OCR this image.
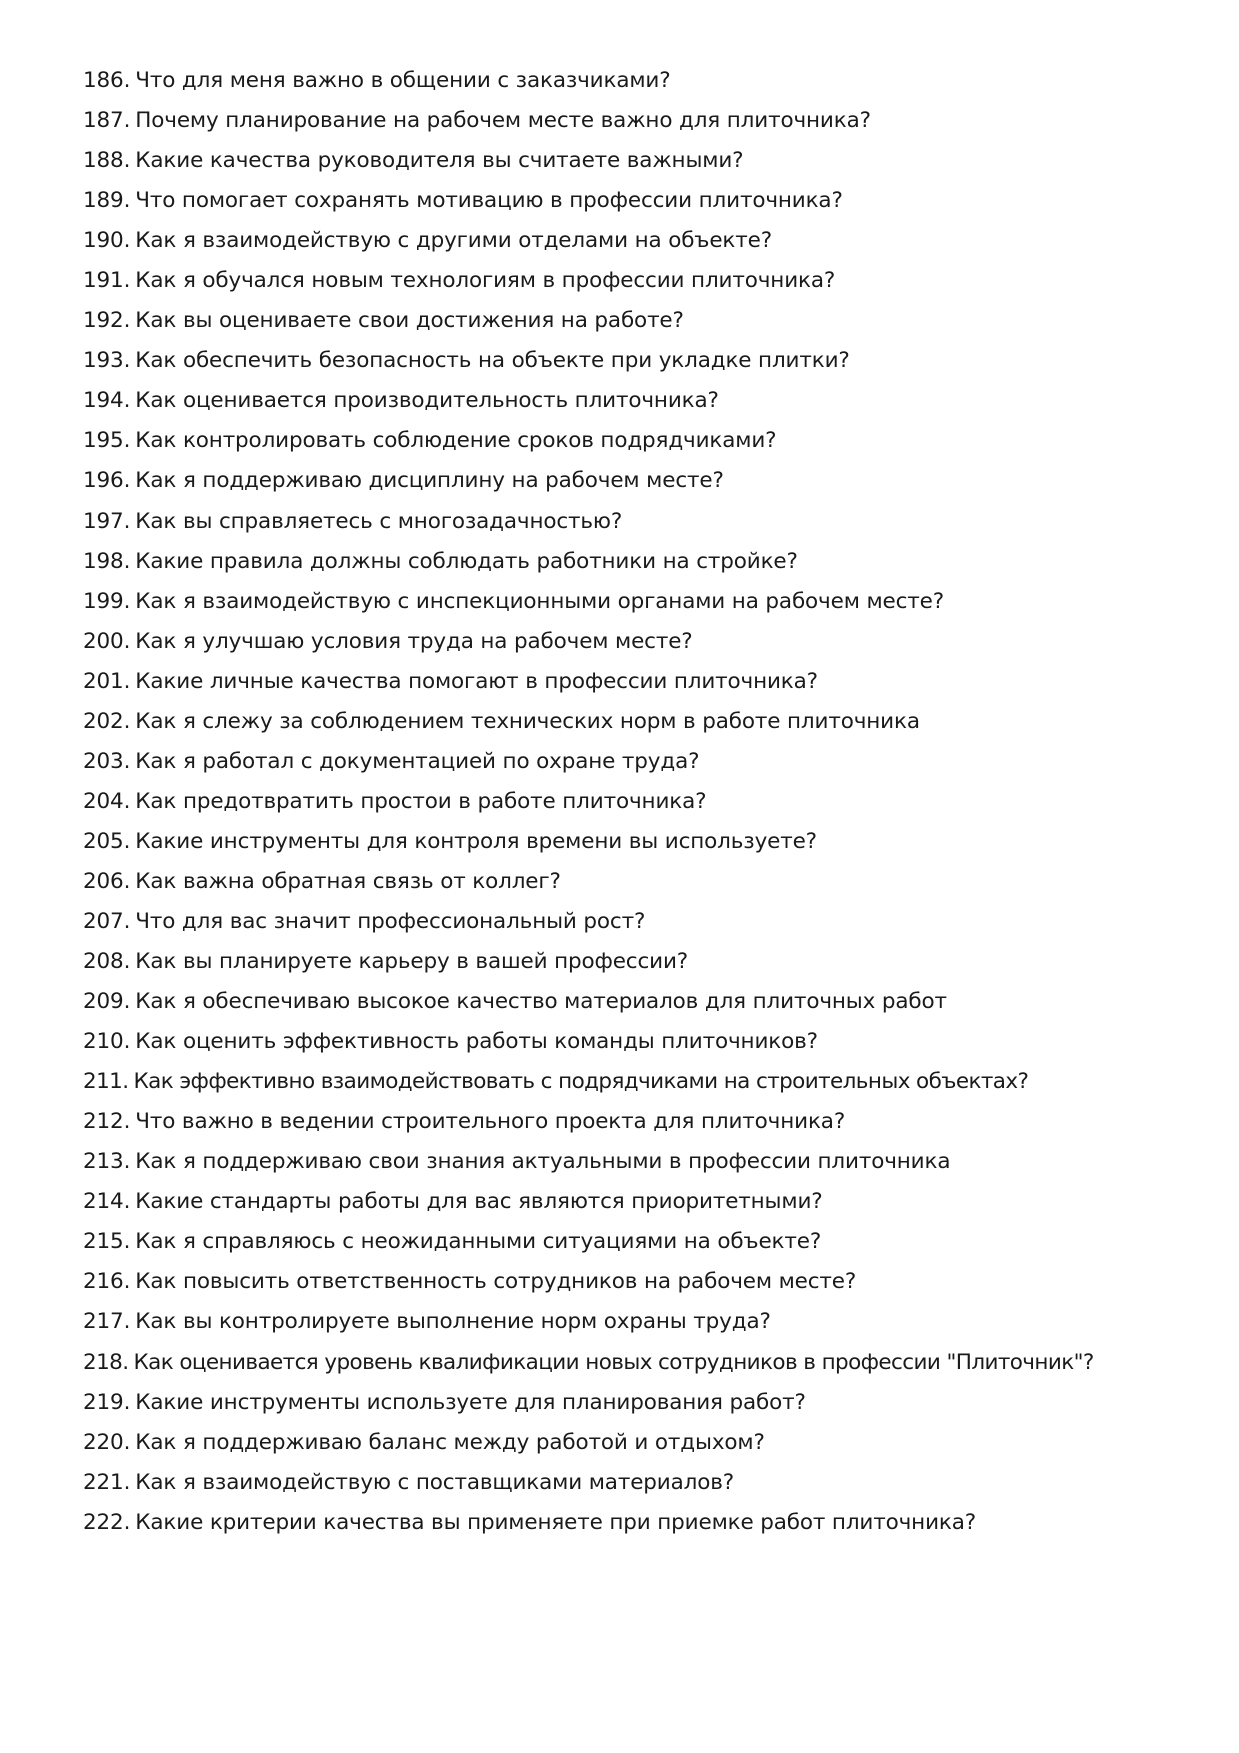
186. Что для меня важно в общении с заказчиками?
187. Почему планирование на рабочем месте важно для плиточника?
188. Какие качества руководителя вы считаете важными?
189. Что помогает сохранять мотивацию в профессии плиточника?
190. Как я взаимодействую с другими отделами на объекте?
191. Как я обучался новым технологиям в профессии плиточника?
192. Как вы оцениваете свои достижения на работе?
193. Как обеспечить безопасность на объекте при укладке плитки?
194. Как оценивается производительность плиточника?
195. Как контролировать соблюдение сроков подрядчиками?
196. Как я поддерживаю дисциплину на рабочем месте?
197. Как вы справляетесь с многозадачностью?
198. Какие правила должны соблюдать работники на стройке?
199. Как я взаимодействую с инспекционными органами на рабочем месте?
200. Как я улучшаю условия труда на рабочем месте?
201. Какие личные качества помогают в профессии плиточника?
202. Как я слежу за соблюдением технических норм в работе плиточника
203. Как я работал с документацией по охране труда?
204. Как предотвратить простои в работе плиточника?
205. Какие инструменты для контроля времени вы используете?
206. Как важна обратная связь от коллег?
207. Что для вас значит профессиональный рост?
208. Как вы планируете карьеру в вашей профессии?
209. Как я обеспечиваю высокое качество материалов для плиточных работ
210. Как оценить эффективность работы команды плиточников?
211. Как эффективно взаимодействовать с подрядчиками на строительных объектах?
212. Что важно в ведении строительного проекта для плиточника?
213. Как я поддерживаю свои знания актуальными в профессии плиточника
214. Какие стандарты работы для вас являются приоритетными?
215. Как я справляюсь с неожиданными ситуациями на объекте?
216. Как повысить ответственность сотрудников на рабочем месте?
217. Как вы контролируете выполнение норм охраны труда?
218. Как оценивается уровень квалификации новых сотрудников в профессии "Плиточник"?
219. Какие инструменты используете для планирования работ?
220. Как я поддерживаю баланс между работой и отдыхом?
221. Как я взаимодействую с поставщиками материалов?
222. Какие критерии качества вы применяете при приемке работ плиточника?
